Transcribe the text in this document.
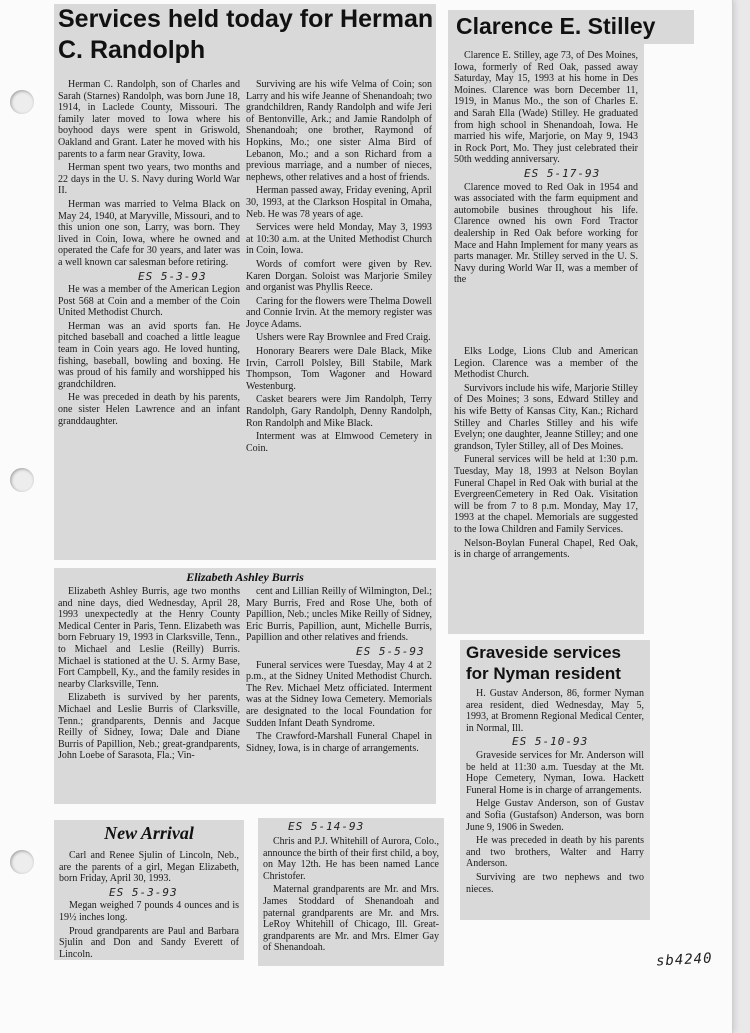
Services held today for Herman C. Randolph

Herman C. Randolph, son of Charles and Sarah (Starnes) Randolph, was born June 18, 1914, in Laclede County, Missouri. The family later moved to Iowa where his boyhood days were spent in Griswold, Oakland and Grant. Later he moved with his parents to a farm near Gravity, Iowa.

Herman spent two years, two months and 22 days in the U. S. Navy during World War II.

Herman was married to Velma Black on May 24, 1940, at Maryville, Missouri, and to this union one son, Larry, was born. They lived in Coin, Iowa, where he owned and operated the Cafe for 30 years, and later was a well known car salesman before retiring.

ES 5-3-93

He was a member of the American Legion Post 568 at Coin and a member of the Coin United Methodist Church.

Herman was an avid sports fan. He pitched baseball and coached a little league team in Coin years ago. He loved hunting, fishing, baseball, bowling and boxing. He was proud of his family and worshipped his grandchildren.

He was preceded in death by his parents, one sister Helen Lawrence and an infant granddaughter.

Surviving are his wife Velma of Coin; son Larry and his wife Jeanne of Shenandoah; two grandchildren, Randy Randolph and wife Jeri of Bentonville, Ark.; and Jamie Randolph of Shenandoah; one brother, Raymond of Hopkins, Mo.; one sister Alma Bird of Lebanon, Mo.; and a son Richard from a previous marriage, and a number of nieces, nephews, other relatives and a host of friends.

Herman passed away, Friday evening, April 30, 1993, at the Clarkson Hospital in Omaha, Neb. He was 78 years of age.

Services were held Monday, May 3, 1993 at 10:30 a.m. at the United Methodist Church in Coin, Iowa.

Words of comfort were given by Rev. Karen Dorgan. Soloist was Marjorie Smiley and organist was Phyllis Reece.

Caring for the flowers were Thelma Dowell and Connie Irvin. At the memory register was Joyce Adams.

Ushers were Ray Brownlee and Fred Craig.

Honorary Bearers were Dale Black, Mike Irvin, Carroll Polsley, Bill Stabile, Mark Thompson, Tom Wagoner and Howard Westenburg.

Casket bearers were Jim Randolph, Terry Randolph, Gary Randolph, Denny Randolph, Ron Randolph and Mike Black.

Interment was at Elmwood Cemetery in Coin.

Clarence E. Stilley

Clarence E. Stilley, age 73, of Des Moines, Iowa, formerly of Red Oak, passed away Saturday, May 15, 1993 at his home in Des Moines. Clarence was born December 11, 1919, in Manus Mo., the son of Charles E. and Sarah Ella (Wade) Stilley. He graduated from high school in Shenandoah, Iowa. He married his wife, Marjorie, on May 9, 1943 in Rock Port, Mo. They just celebrated their 50th wedding anniversary.

ES 5-17-93

Clarence moved to Red Oak in 1954 and was associated with the farm equipment and automobile busines throughout his life. Clarence owned his own Ford Tractor dealership in Red Oak before working for Mace and Hahn Implement for many years as parts manager. Mr. Stilley served in the U. S. Navy during World War II, was a member of the

Elks Lodge, Lions Club and American Legion. Clarence was a member of the Methodist Church.

Survivors include his wife, Marjorie Stilley of Des Moines; 3 sons, Edward Stilley and his wife Betty of Kansas City, Kan.; Richard Stilley and Charles Stilley and his wife Evelyn; one daughter, Jeanne Stilley; and one grandson, Tyler Stilley, all of Des Moines.

Funeral services will be held at 1:30 p.m. Tuesday, May 18, 1993 at Nelson Boylan Funeral Chapel in Red Oak with burial at the EvergreenCemetery in Red Oak. Visitation will be from 7 to 8 p.m. Monday, May 17, 1993 at the chapel. Memorials are suggested to the Iowa Children and Family Services.

Nelson-Boylan Funeral Chapel, Red Oak, is in charge of arrangements.

Elizabeth Ashley Burris

Elizabeth Ashley Burris, age two months and nine days, died Wednesday, April 28, 1993 unexpectedly at the Henry County Medical Center in Paris, Tenn. Elizabeth was born February 19, 1993 in Clarksville, Tenn., to Michael and Leslie (Reilly) Burris. Michael is stationed at the U. S. Army Base, Fort Campbell, Ky., and the family resides in nearby Clarksville, Tenn.

Elizabeth is survived by her parents, Michael and Leslie Burris of Clarksville, Tenn.; grandparents, Dennis and Jacque Reilly of Sidney, Iowa; Dale and Diane Burris of Papillion, Neb.; great-grandparents, John Loebe of Sarasota, Fla.; Vin-

cent and Lillian Reilly of Wilmington, Del.; Mary Burris, Fred and Rose Uhe, both of Papillion, Neb.; uncles Mike Reilly of Sidney, Eric Burris, Papillion, aunt, Michelle Burris, Papillion and other relatives and friends.

ES 5-5-93

Funeral services were Tuesday, May 4 at 2 p.m., at the Sidney United Methodist Church. The Rev. Michael Metz officiated. Interment was at the Sidney Iowa Cemetery. Memorials are designated to the local Foundation for Sudden Infant Death Syndrome.

The Crawford-Marshall Funeral Chapel in Sidney, Iowa, is in charge of arrangements.

Graveside services for Nyman resident

H. Gustav Anderson, 86, former Nyman area resident, died Wednesday, May 5, 1993, at Bromenn Regional Medical Center, in Normal, Ill.

ES 5-10-93

Graveside services for Mr. Anderson will be held at 11:30 a.m. Tuesday at the Mt. Hope Cemetery, Nyman, Iowa. Hackett Funeral Home is in charge of arrangements.

Helge Gustav Anderson, son of Gustav and Sofia (Gustafson) Anderson, was born June 9, 1906 in Sweden.

He was preceded in death by his parents and two brothers, Walter and Harry Anderson.

Surviving are two nephews and two nieces.

New Arrival

Carl and Renee Sjulin of Lincoln, Neb., are the parents of a girl, Megan Elizabeth, born Friday, April 30, 1993.

ES 5-3-93

Megan weighed 7 pounds 4 ounces and is 19½ inches long.

Proud grandparents are Paul and Barbara Sjulin and Don and Sandy Everett of Lincoln.

ES 5-14-93

Chris and P.J. Whitehill of Aurora, Colo., announce the birth of their first child, a boy, on May 12th. He has been named Lance Christofer.

Maternal grandparents are Mr. and Mrs. James Stoddard of Shenandoah and paternal grandparents are Mr. and Mrs. LeRoy Whitehill of Chicago, Ill. Great-grandparents are Mr. and Mrs. Elmer Gay of Shenandoah.

sb4240
